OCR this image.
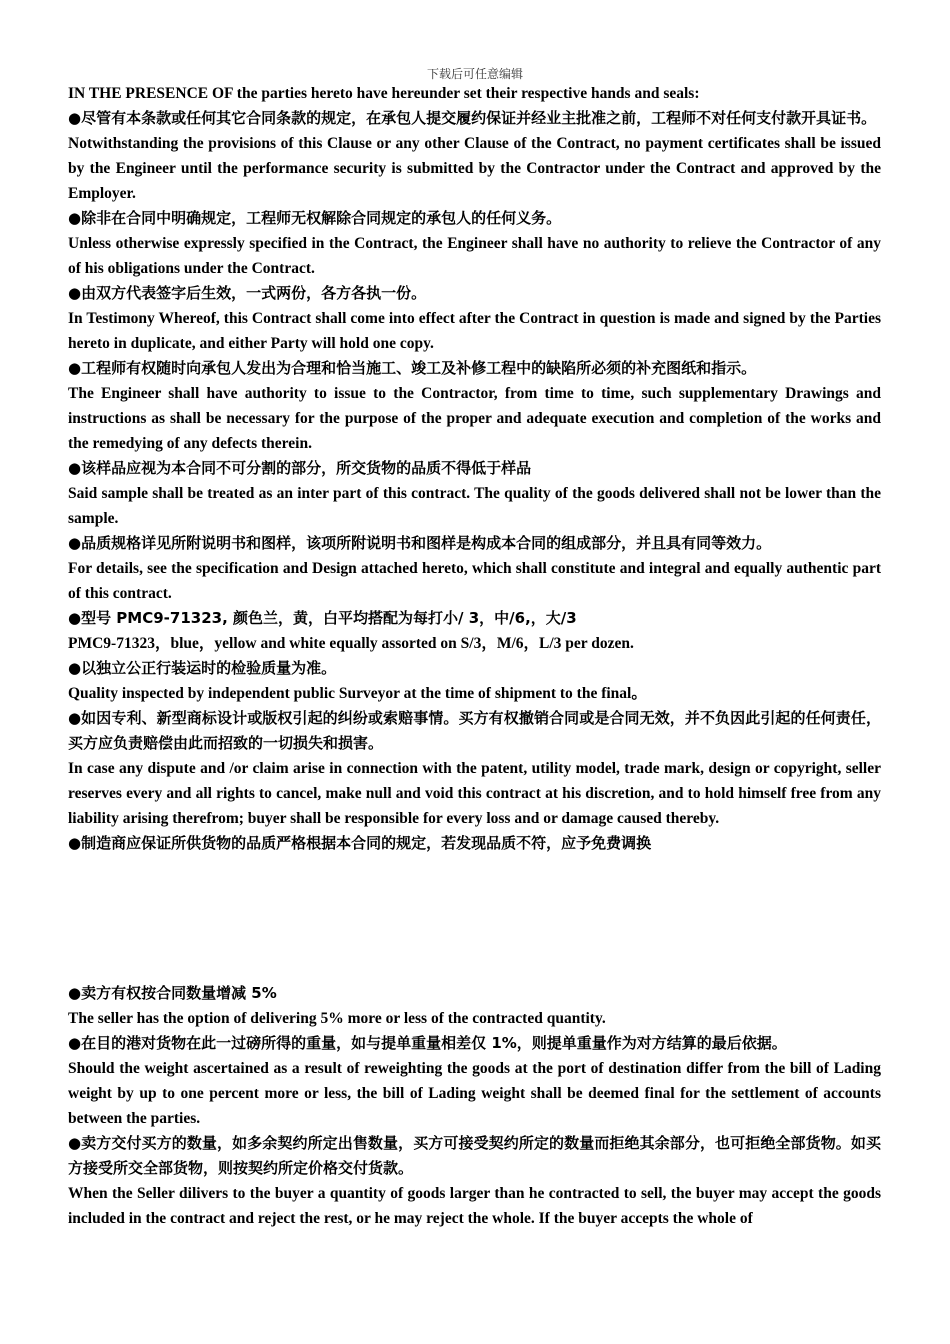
下载后可任意编辑

IN THE PRESENCE OF the parties hereto have hereunder set their respective hands and seals:

●尽管有本条款或任何其它合同条款的规定，在承包人提交履约保证并经业主批准之前，工程师不对任何支付款开具证书。

Notwithstanding the provisions of this Clause or any other Clause of the Contract, no payment certificates shall be issued by the Engineer until the performance security is submitted by the Contractor under the Contract and approved by the Employer.

●除非在合同中明确规定，工程师无权解除合同规定的承包人的任何义务。

Unless otherwise expressly specified in the Contract, the Engineer shall have no authority to relieve the Contractor of any of his obligations under the Contract.

●由双方代表签字后生效，一式两份，各方各执一份。

In Testimony Whereof, this Contract shall come into effect after the Contract in question is made and signed by the Parties hereto in duplicate, and either Party will hold one copy.

●工程师有权随时向承包人发出为合理和恰当施工、竣工及补修工程中的缺陷所必须的补充图纸和指示。

The Engineer shall have authority to issue to the Contractor, from time to time, such supplementary Drawings and instructions as shall be necessary for the purpose of the proper and adequate execution and completion of the works and the remedying of any defects therein.

●该样品应视为本合同不可分割的部分，所交货物的品质不得低于样品

Said sample shall be treated as an inter part of this contract. The quality of the goods delivered shall not be lower than the sample.

●品质规格详见所附说明书和图样，该项所附说明书和图样是构成本合同的组成部分，并且具有同等效力。

For details, see the specification and Design attached hereto, which shall constitute and integral and equally authentic part of this contract.

●型号 PMC9-71323, 颜色兰，黄，白平均搭配为每打小/ 3，中/6,，大/3

PMC9-71323，blue，yellow and white equally assorted on S/3，M/6，L/3 per dozen.

●以独立公正行装运时的检验质量为准。

Quality inspected by independent public Surveyor at the time of shipment to the final。

●如因专利、新型商标设计或版权引起的纠纷或索赔事情。买方有权撤销合同或是合同无效，并不负因此引起的任何责任，买方应负责赔偿由此而招致的一切损失和损害。

In case any dispute and /or claim arise in connection with the patent, utility model, trade mark, design or copyright, seller reserves every and all rights to cancel, make null and void this contract at his discretion, and to hold himself free from any liability arising therefrom; buyer shall be responsible for every loss and or damage caused thereby.

●制造商应保证所供货物的品质严格根据本合同的规定，若发现品质不符，应予免费调换

●卖方有权按合同数量增减 5%

The seller has the option of delivering 5% more or less of the contracted quantity.

●在目的港对货物在此一过磅所得的重量，如与提单重量相差仅 1%，则提单重量作为对方结算的最后依据。

Should the weight ascertained as a result of reweighting the goods at the port of destination differ from the bill of Lading weight by up to one percent more or less, the bill of Lading weight shall be deemed final for the settlement of accounts between the parties.

●卖方交付买方的数量，如多余契约所定出售数量，买方可接受契约所定的数量而拒绝其余部分，也可拒绝全部货物。如买方接受所交全部货物，则按契约所定价格交付货款。

When the Seller dilivers to the buyer a quantity of goods larger than he contracted to sell, the buyer may accept the goods included in the contract and reject the rest, or he may reject the whole. If the buyer accepts the whole of
